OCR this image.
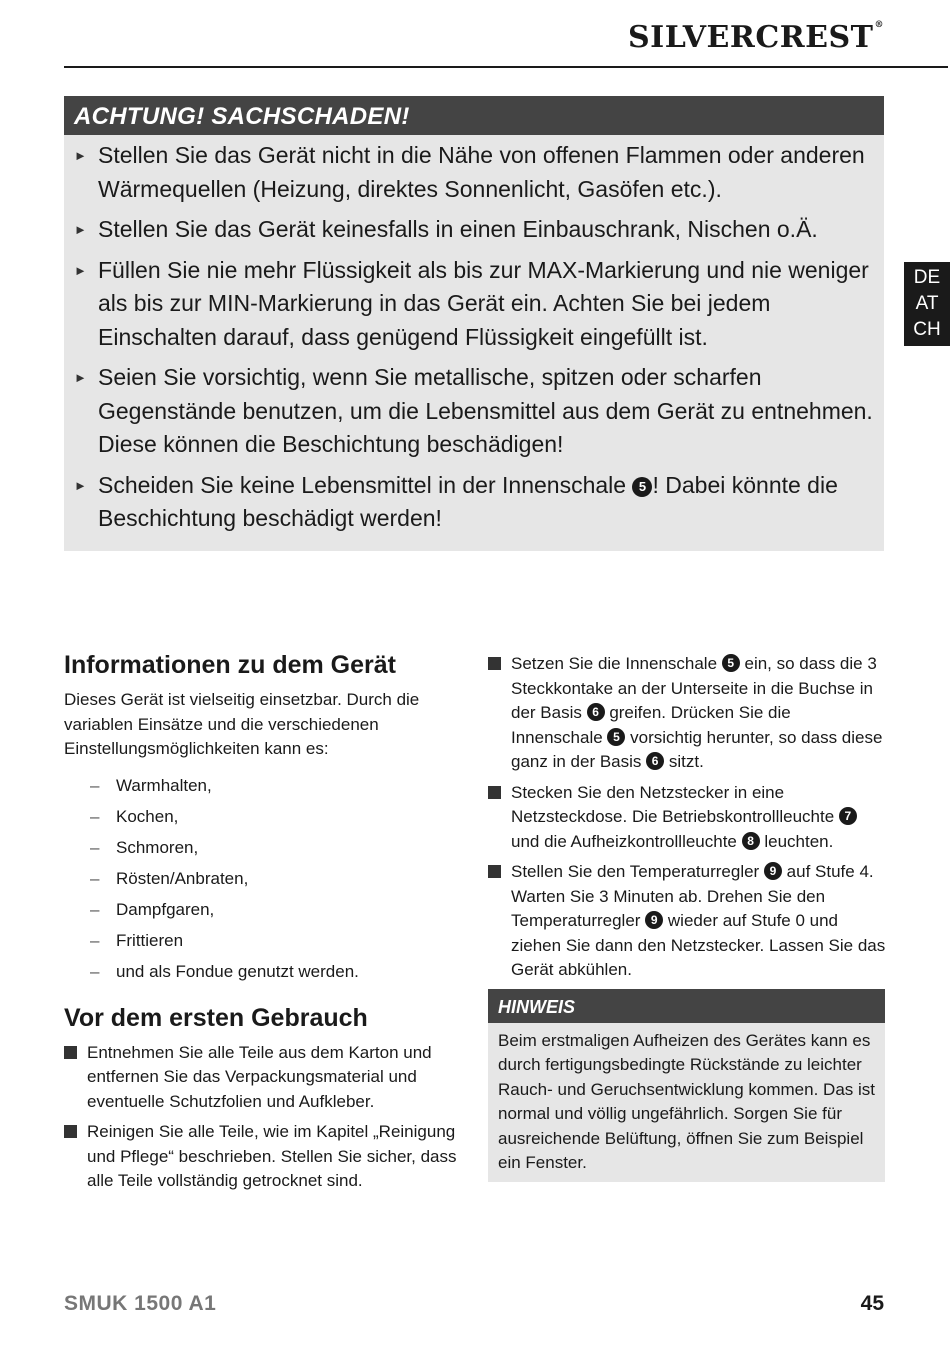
SILVERCREST®
DE
AT
CH
ACHTUNG! SACHSCHADEN!
► Stellen Sie das Gerät nicht in die Nähe von offenen Flammen oder anderen Wärmequellen (Heizung, direktes Sonnenlicht, Gasöfen etc.).
► Stellen Sie das Gerät keinesfalls in einen Einbauschrank, Nischen o.Ä.
► Füllen Sie nie mehr Flüssigkeit als bis zur MAX-Markierung und nie weniger als bis zur MIN-Markierung in das Gerät ein. Achten Sie bei jedem Einschalten darauf, dass genügend Flüssigkeit eingefüllt ist.
► Seien Sie vorsichtig, wenn Sie metallische, spitzen oder scharfen Gegenstände benutzen, um die Lebensmittel aus dem Gerät zu entnehmen. Diese können die Beschichtung beschädigen!
► Scheiden Sie keine Lebensmittel in der Innenschale 5 ! Dabei könnte die Beschichtung beschädigt werden!
Informationen zu dem Gerät

Dieses Gerät ist vielseitig einsetzbar. Durch die variablen Einsätze und die verschiedenen Einstellungsmöglichkeiten kann es:

– Warmhalten,
– Kochen,
– Schmoren,
– Rösten/Anbraten,
– Dampfgaren,
– Frittieren
– und als Fondue genutzt werden.
Vor dem ersten Gebrauch
Entnehmen Sie alle Teile aus dem Karton und entfernen Sie das Verpackungsmaterial und eventuelle Schutzfolien und Aufkleber.
Reinigen Sie alle Teile, wie im Kapitel „Reinigung und Pflege“ beschrieben. Stellen Sie sicher, dass alle Teile vollständig getrocknet sind.
Setzen Sie die Innenschale 5 ein, so dass die 3 Steckkontake an der Unterseite in die Buchse in der Basis 6 greifen. Drücken Sie die Innenschale 5 vorsichtig herunter, so dass diese ganz in der Basis 6 sitzt.
Stecken Sie den Netzstecker in eine Netzsteckdose. Die Betriebskontrollleuchte 7 und die Aufheizkontrollleuchte 8 leuchten.
Stellen Sie den Temperaturregler 9 auf Stufe 4. Warten Sie 3 Minuten ab. Drehen Sie den Temperaturregler 9 wieder auf Stufe 0 und ziehen Sie dann den Netzstecker. Lassen Sie das Gerät abkühlen.
HINWEIS
Beim erstmaligen Aufheizen des Gerätes kann es durch fertigungsbedingte Rückstände zu leichter Rauch- und Geruchsentwicklung kommen. Das ist normal und völlig ungefährlich. Sorgen Sie für ausreichende Belüftung, öffnen Sie zum Beispiel ein Fenster.
SMUK 1500 A1	45
